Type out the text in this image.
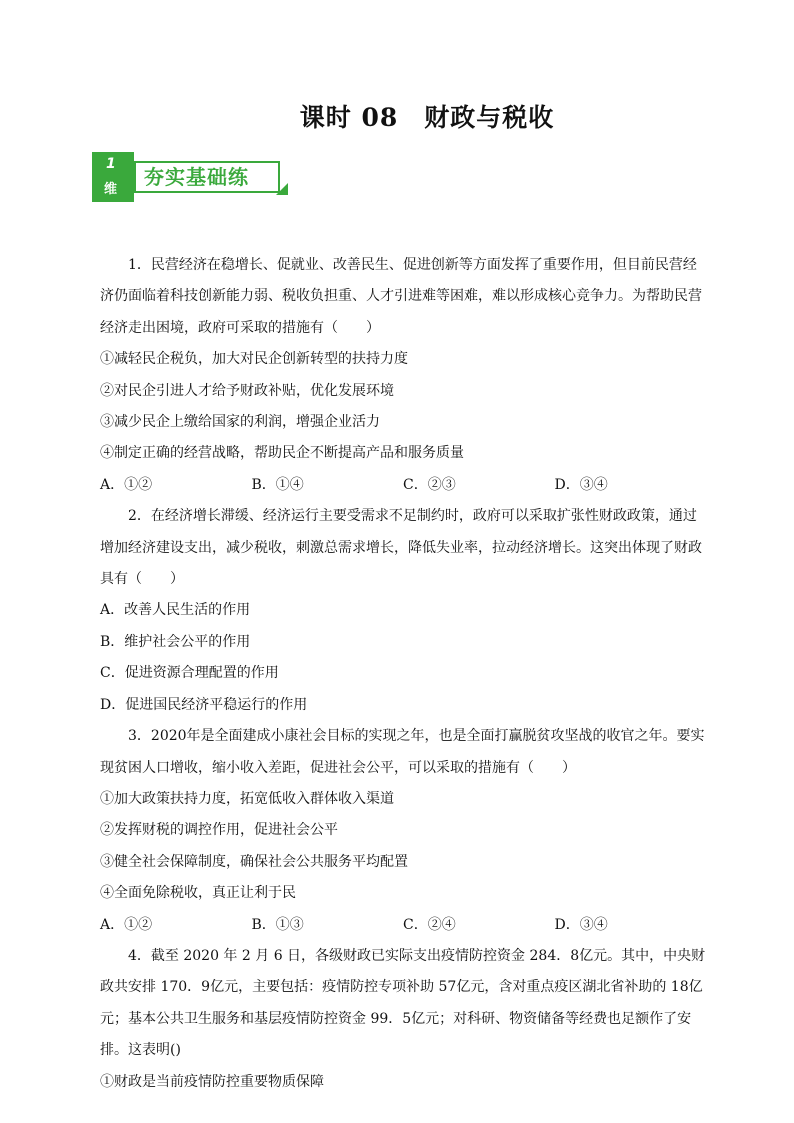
课时 08　财政与税收
1
维
夯实基础练

1．民营经济在稳增长、促就业、改善民生、促进创新等方面发挥了重要作用，但目前民营经济仍面临着科技创新能力弱、税收负担重、人才引进难等困难，难以形成核心竞争力。为帮助民营经济走出困境，政府可采取的措施有（　　）

①减轻民企税负，加大对民企创新转型的扶持力度

②对民企引进人才给予财政补贴，优化发展环境

③减少民企上缴给国家的利润，增强企业活力

④制定正确的经营战略，帮助民企不断提高产品和服务质量

A．①②	B．①④	C．②③	D．③④

2．在经济增长滞缓、经济运行主要受需求不足制约时，政府可以采取扩张性财政政策，通过增加经济建设支出，减少税收，刺激总需求增长，降低失业率，拉动经济增长。这突出体现了财政具有（　　）

A．改善人民生活的作用

B．维护社会公平的作用

C．促进资源合理配置的作用

D．促进国民经济平稳运行的作用

3．2020年是全面建成小康社会目标的实现之年，也是全面打赢脱贫攻坚战的收官之年。要实现贫困人口增收，缩小收入差距，促进社会公平，可以采取的措施有（　　）

①加大政策扶持力度，拓宽低收入群体收入渠道

②发挥财税的调控作用，促进社会公平

③健全社会保障制度，确保社会公共服务平均配置

④全面免除税收，真正让利于民

A．①②	B．①③	C．②④	D．③④

4．截至 2020 年 2 月 6 日，各级财政已实际支出疫情防控资金 284．8亿元。其中，中央财政共安排 170．9亿元，主要包括：疫情防控专项补助 57亿元，含对重点疫区湖北省补助的 18亿元；基本公共卫生服务和基层疫情防控资金 99．5亿元；对科研、物资储备等经费也足额作了安排。这表明()

①财政是当前疫情防控重要物质保障
